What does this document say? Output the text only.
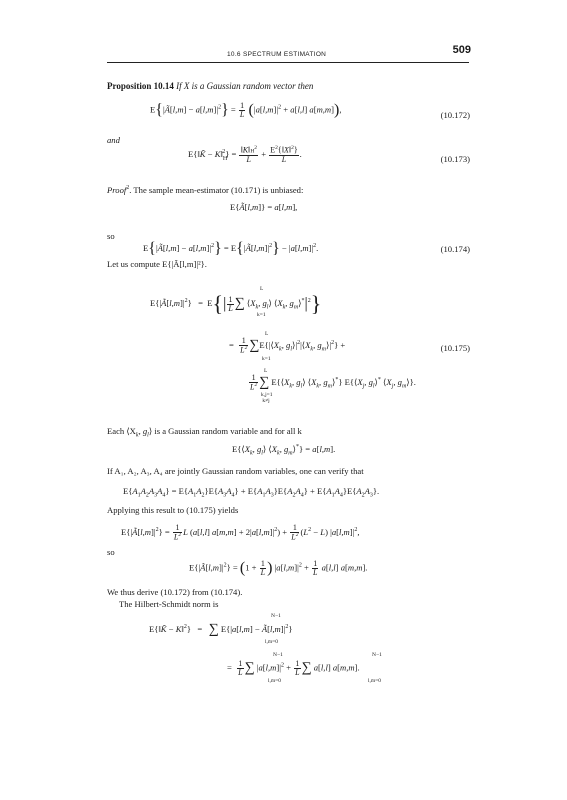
10.6 SPECTRUM ESTIMATION	509
Proposition 10.14 If X is a Gaussian random vector then
E{|Ã[l,m] − $a[l,m]|^2\} = \frac{1}{L} (|a[l,m]|^2 + a[l,l]$ a[m,m]),
(10.172)
and
E{‖K̃ − $K‖_H^2\} = \frac{‖K‖H^2}{L} + \frac{E^2\{‖X‖^2\}}{L}$ .	(10.173)
Proof$^2$. The sample mean-estimator (10.171) is unbiased:
E{Ã[l,m]} = a[l,m],
so
E{|Ã[l,m] − $a[l,m]|^2$} = $E\{|Ã[l,m]|^2\} - |a[l,m]|^2$.	(10.174)
Let us compute E{|Ã[l,m]|²}.
$E\{|Ã[l,m]|^2\} = E\{| \frac{1}{L}$ ∑ $⟨X_k$, $g_l⟩$ $⟨X_k$, $g_m⟩^*|^2$}
L
k=1
= $\frac{1}{L^2}$ $\sum E\{|⟨X_k$, $g_l⟩|^2|⟨X_k$, $g_m⟩|^2$} +
L
k=1
(10.175)
$\frac{1}{L^2}$ ∑ $E\{⟨X_k$, $g_l⟩$ $⟨X_k$, $g_m⟩^*$} $E\{⟨X_j$, $g_l⟩^*$ $⟨X_j$, $g_m⟩$}.
L
k,j=1
k≠j
Each $⟨X_k$, $g_l⟩$ is a Gaussian random variable and for all k
$E\{⟨X_k$, $g_l⟩$ $⟨X_k$, $g_m⟩^*\} = a[l,m]$.
If A₁, A₂, A₃, A₄ are jointly Gaussian random variables, one can verify that
$E\{A_1A_2A_3A_4\} = E\{A_1A_2\}E\{A_3A_4\} + E\{A_1A_3\}E\{A_2A_4\} + E\{A_1A_4\}E\{A_2A_3\}$.
Applying this result to (10.175) yields
$E\{|Ã[l,m]|^2\} = \frac{1}{L^2}$ L (a[l,l] $a[m,m] + 2|a[l,m]|^2) + \frac{1}{L^2} (L^2 - L)$ $|a[l,m]|^2$,
so
$E\{|Ã[l,m]|^2\} = (1 + \frac{1}{L}$ ) $|a[l,m]|^2 + \frac{1}{L} a[l,l]$ a[m,m].
We thus derive (10.172) from (10.174).
The Hilbert-Schmidt norm is
E{‖K̃ − K‖$^2$}   =   ∑ $E\{|a[l,m] - Ã[l,m]|^2\}$
N−1
l,m=0
= $\frac{1}{L}$ ∑ $|a[l,m]|^2 + \frac{1}{L}$ ∑ a[l,l] a[m,m].
N−1
l,m=0
N−1
l,m=0
